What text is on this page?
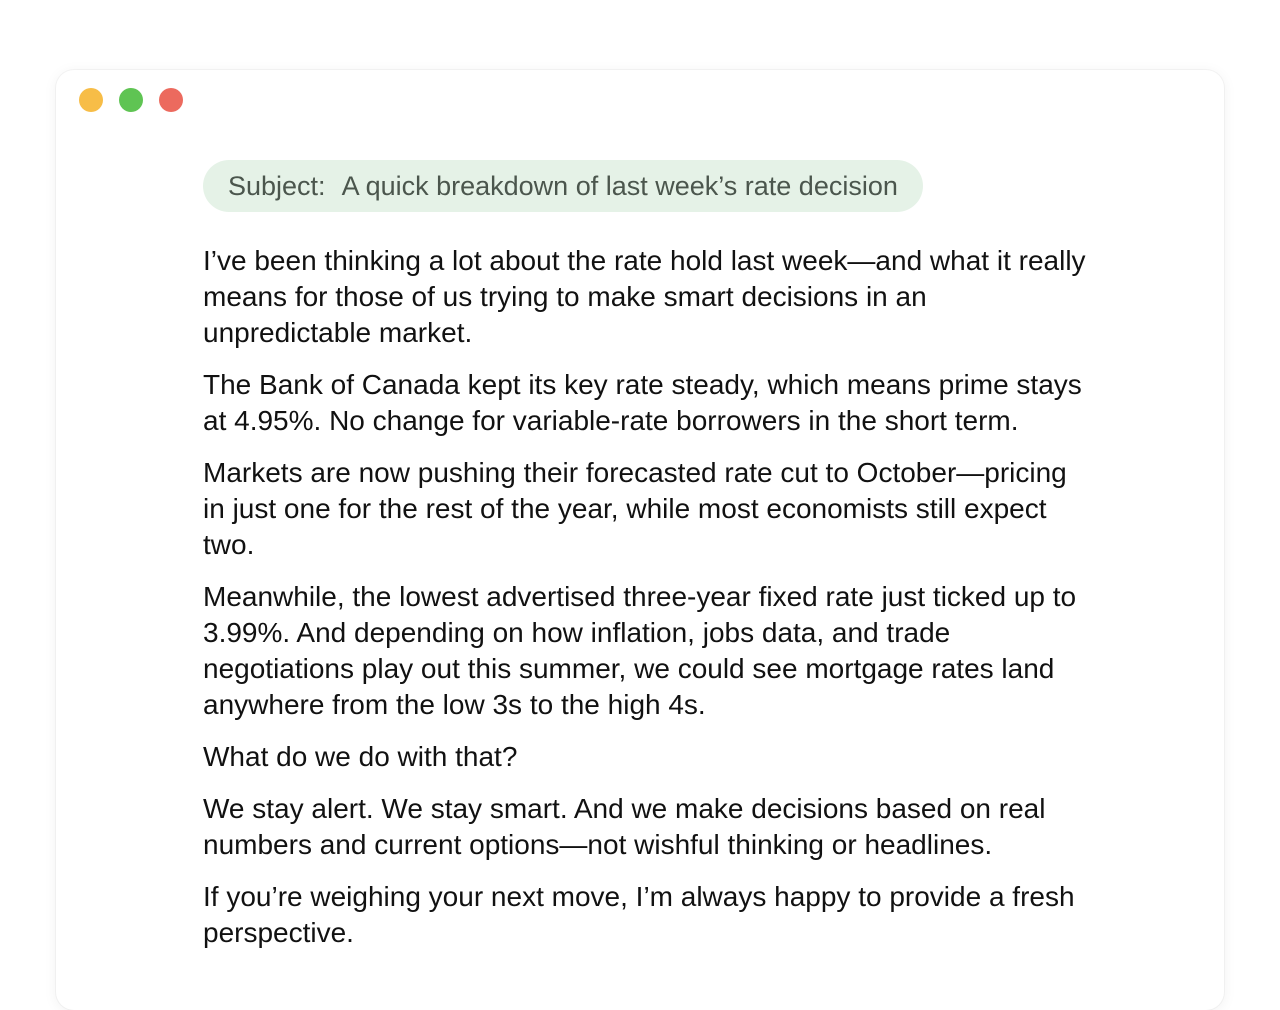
Subject: A quick breakdown of last week’s rate decision

I’ve been thinking a lot about the rate hold last week—and what it really means for those of us trying to make smart decisions in an unpredictable market.

The Bank of Canada kept its key rate steady, which means prime stays at 4.95%. No change for variable-rate borrowers in the short term.

Markets are now pushing their forecasted rate cut to October—pricing in just one for the rest of the year, while most economists still expect two.

Meanwhile, the lowest advertised three-year fixed rate just ticked up to 3.99%. And depending on how inflation, jobs data, and trade negotiations play out this summer, we could see mortgage rates land anywhere from the low 3s to the high 4s.

What do we do with that?

We stay alert. We stay smart. And we make decisions based on real numbers and current options—not wishful thinking or headlines.

If you’re weighing your next move, I’m always happy to provide a fresh perspective.
